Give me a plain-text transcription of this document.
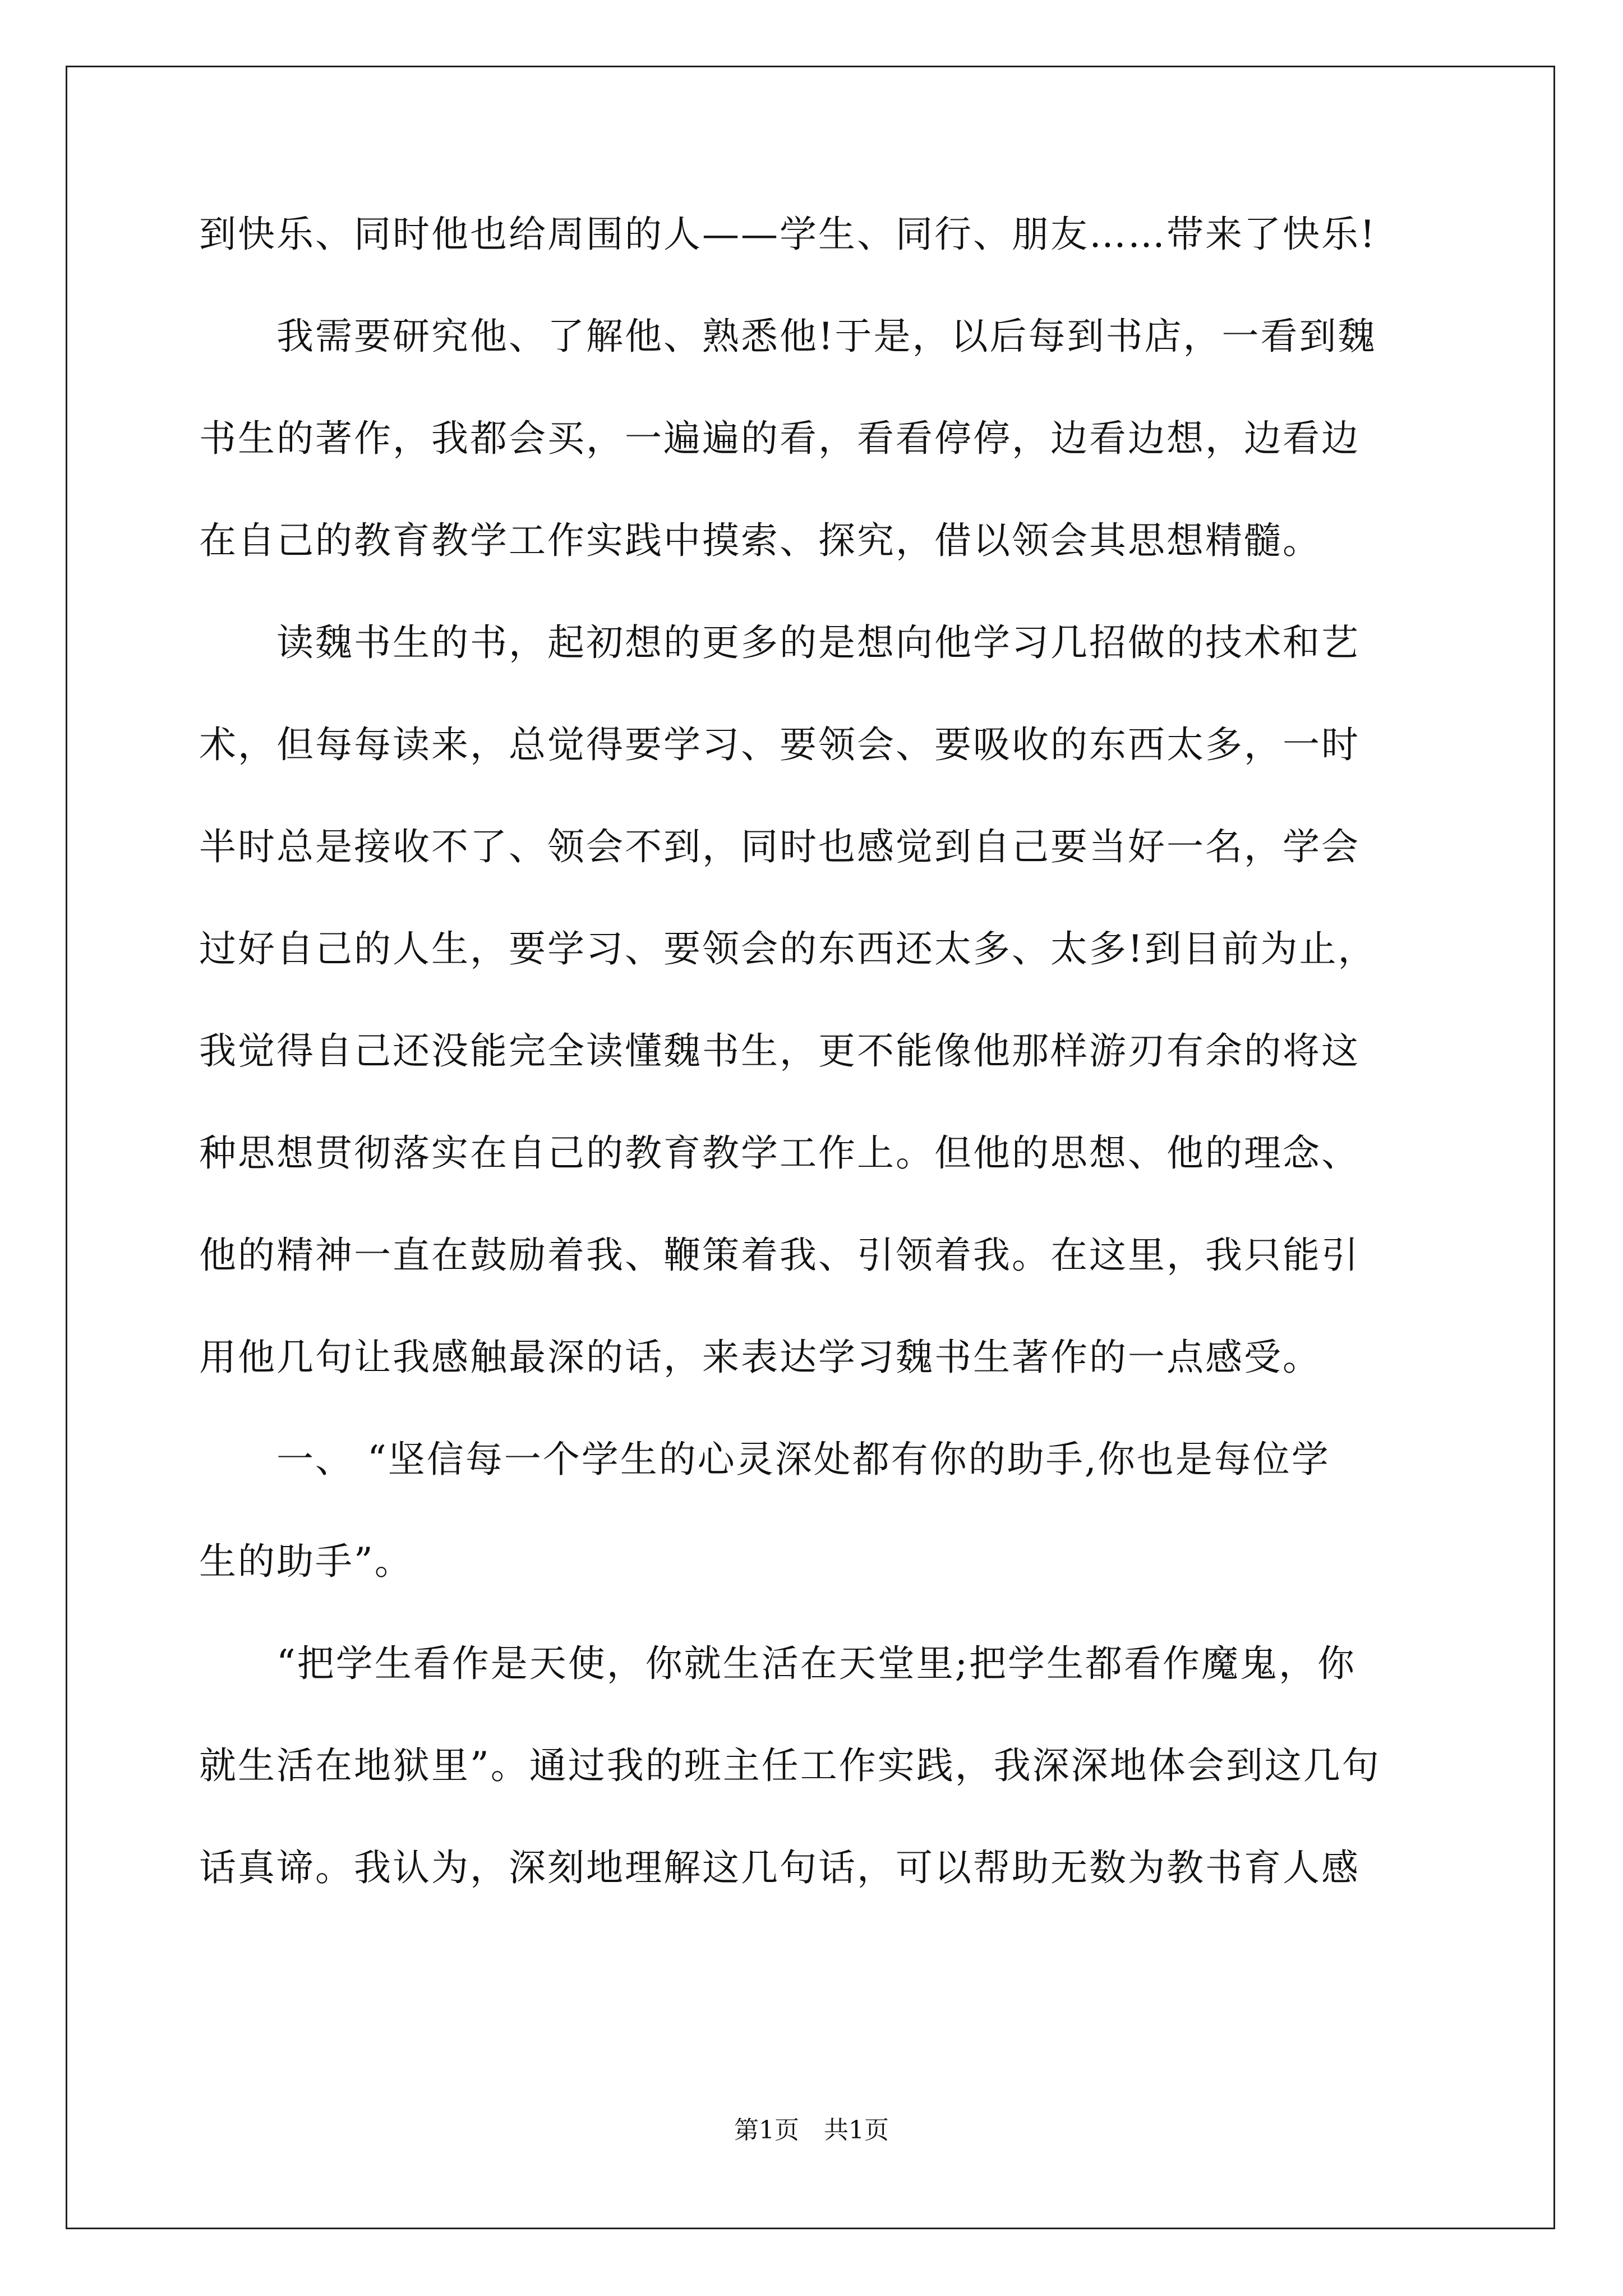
到快乐、同时他也给周围的人——学生、同行、朋友……带来了快乐!
　　我需要研究他、了解他、熟悉他!于是，以后每到书店，一看到魏
书生的著作，我都会买，一遍遍的看，看看停停，边看边想，边看边
在自己的教育教学工作实践中摸索、探究，借以领会其思想精髓。
　　读魏书生的书，起初想的更多的是想向他学习几招做的技术和艺
术，但每每读来，总觉得要学习、要领会、要吸收的东西太多，一时
半时总是接收不了、领会不到，同时也感觉到自己要当好一名，学会
过好自己的人生，要学习、要领会的东西还太多、太多!到目前为止，
我觉得自己还没能完全读懂魏书生，更不能像他那样游刃有余的将这
种思想贯彻落实在自己的教育教学工作上。但他的思想、他的理念、
他的精神一直在鼓励着我、鞭策着我、引领着我。在这里，我只能引
用他几句让我感触最深的话，来表达学习魏书生著作的一点感受。
　　一、 “坚信每一个学生的心灵深处都有你的助手,你也是每位学
生的助手”。
　　“把学生看作是天使，你就生活在天堂里;把学生都看作魔鬼，你
就生活在地狱里”。通过我的班主任工作实践，我深深地体会到这几句
话真谛。我认为，深刻地理解这几句话，可以帮助无数为教书育人感
第1页　共1页
